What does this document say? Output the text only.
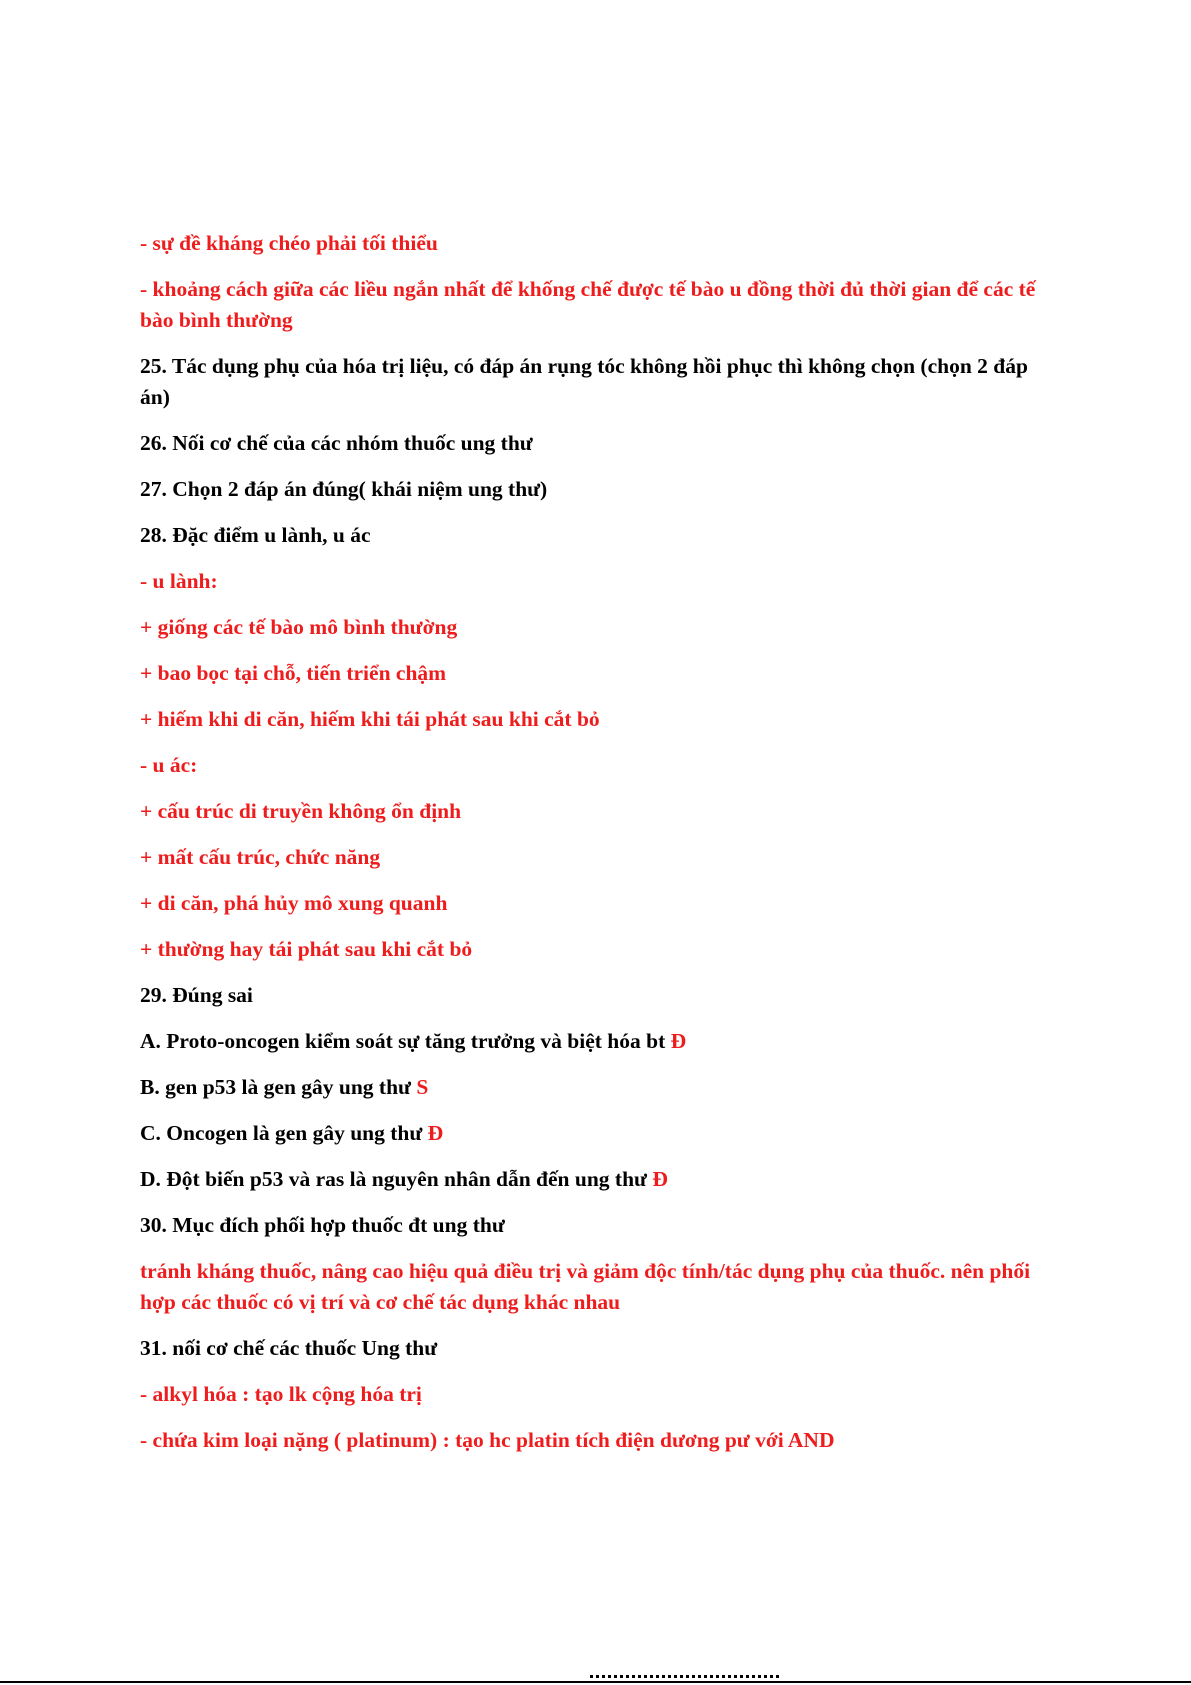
- sự đề kháng chéo phải tối thiểu

- khoảng cách giữa các liều ngắn nhất để khống chế được tế bào u đồng thời đủ thời gian để các tế bào bình thường

25. Tác dụng phụ của hóa trị liệu, có đáp án rụng tóc không hồi phục thì không chọn (chọn 2 đáp án)

26. Nối cơ chế của các nhóm thuốc ung thư

27. Chọn 2 đáp án đúng( khái niệm ung thư)

28. Đặc điểm u lành, u ác

- u lành:

+ giống các tế bào mô bình thường

+ bao bọc tại chỗ, tiến triển chậm

+ hiếm khi di căn, hiếm khi tái phát sau khi cắt bỏ

- u ác:

+ cấu trúc di truyền không ổn định

+ mất cấu trúc, chức năng

+ di căn, phá hủy mô xung quanh

+ thường hay tái phát sau khi cắt bỏ

29. Đúng sai

A. Proto-oncogen kiểm soát sự tăng trưởng và biệt hóa bt Đ

B. gen p53 là gen gây ung thư S

C. Oncogen là gen gây ung thư Đ

D. Đột biến p53 và ras là nguyên nhân dẫn đến ung thư Đ

30. Mục đích phối hợp thuốc đt ung thư

tránh kháng thuốc, nâng cao hiệu quả điều trị và giảm độc tính/tác dụng phụ của thuốc. nên phối hợp các thuốc có vị trí và cơ chế tác dụng khác nhau

31. nối cơ chế các thuốc Ung thư

- alkyl hóa : tạo lk cộng hóa trị

- chứa kim loại nặng ( platinum) : tạo hc platin tích điện dương pư với AND
